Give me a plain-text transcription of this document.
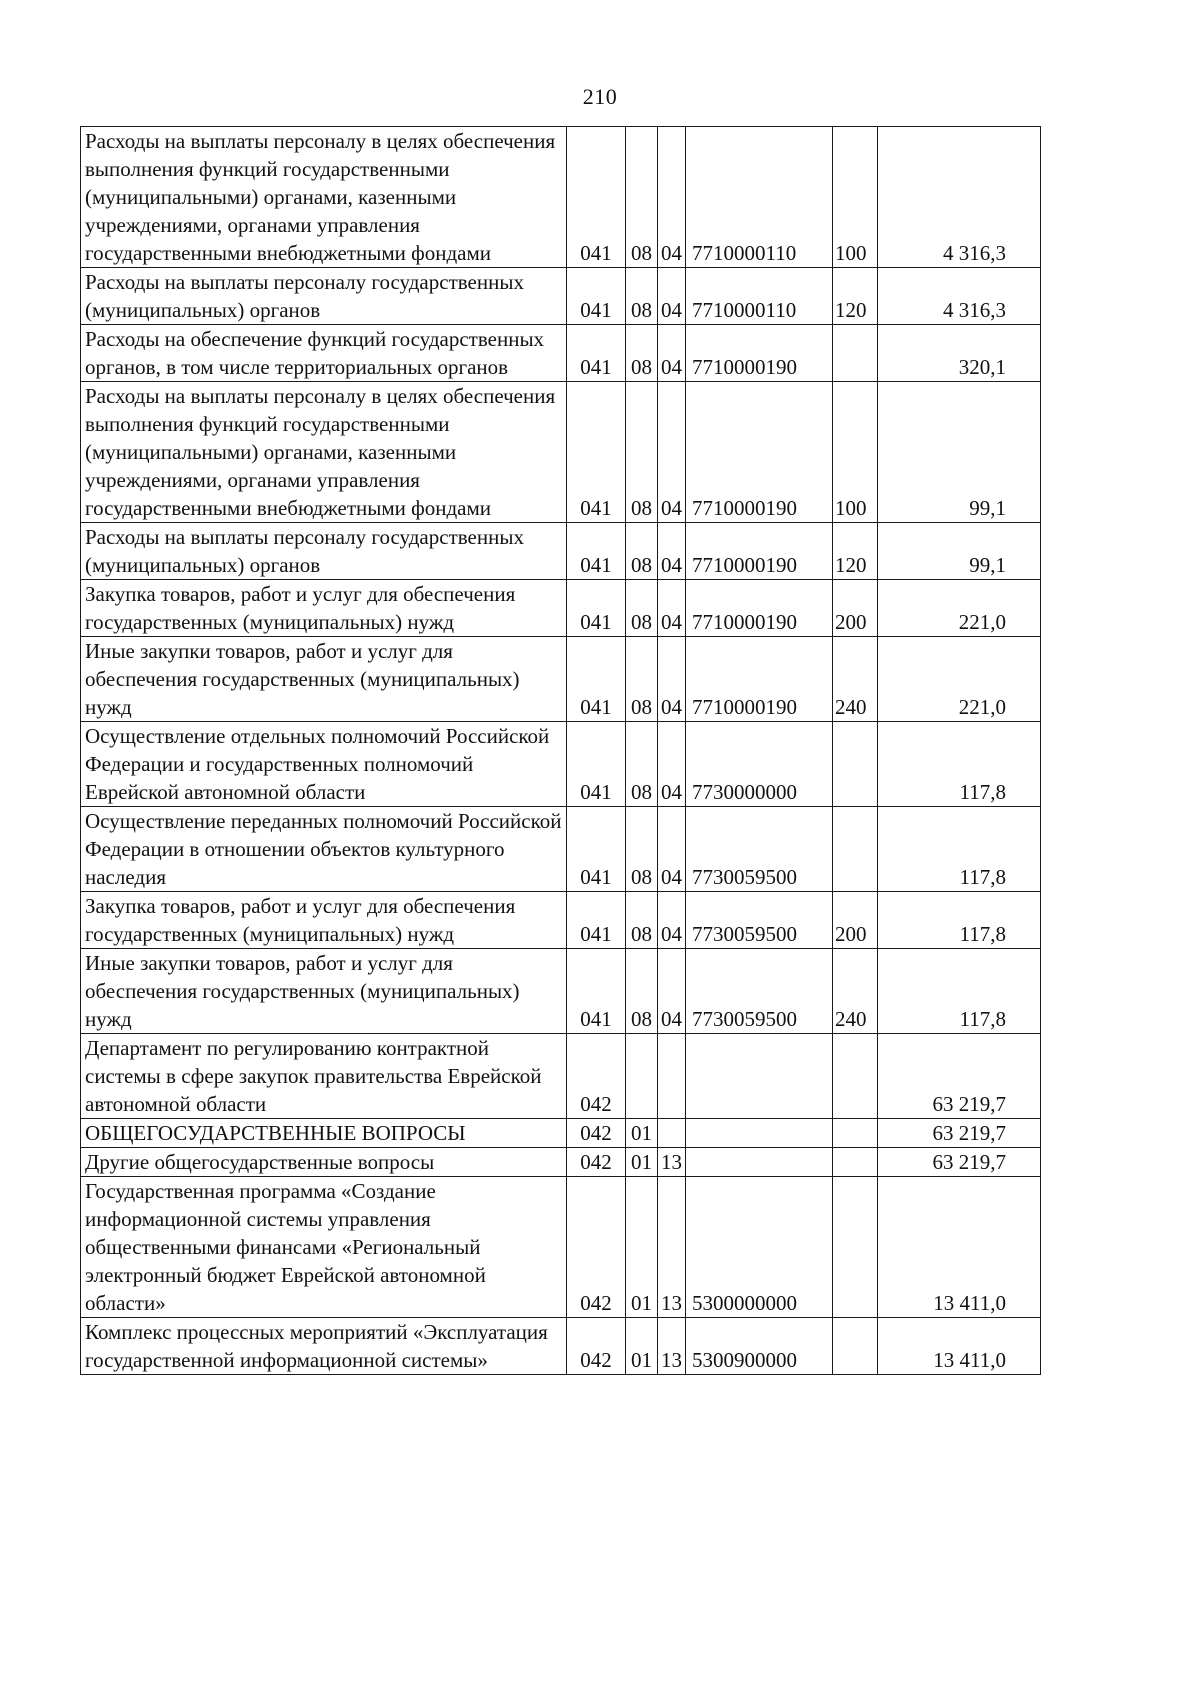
210
Расходы на выплаты персоналу в целях обеспечения выполнения функций государственными (муниципальными) органами, казенными учреждениями, органами управления государственными внебюджетными фондами	041	08	04	7710000110	100	4 316,3
Расходы на выплаты персоналу государственных (муниципальных) органов	041	08	04	7710000110	120	4 316,3
Расходы на обеспечение функций государственных органов, в том числе территориальных органов	041	08	04	7710000190		320,1
Расходы на выплаты персоналу в целях обеспечения выполнения функций государственными (муниципальными) органами, казенными учреждениями, органами управления государственными внебюджетными фондами	041	08	04	7710000190	100	99,1
Расходы на выплаты персоналу государственных (муниципальных) органов	041	08	04	7710000190	120	99,1
Закупка товаров, работ и услуг для обеспечения государственных (муниципальных) нужд	041	08	04	7710000190	200	221,0
Иные закупки товаров, работ и услуг для обеспечения государственных (муниципальных) нужд	041	08	04	7710000190	240	221,0
Осуществление отдельных полномочий Российской Федерации и государственных полномочий Еврейской автономной области	041	08	04	7730000000		117,8
Осуществление переданных полномочий Российской Федерации в отношении объектов культурного наследия	041	08	04	7730059500		117,8
Закупка товаров, работ и услуг для обеспечения государственных (муниципальных) нужд	041	08	04	7730059500	200	117,8
Иные закупки товаров, работ и услуг для обеспечения государственных (муниципальных) нужд	041	08	04	7730059500	240	117,8
Департамент по регулированию контрактной системы в сфере закупок правительства Еврейской автономной области	042					63 219,7
ОБЩЕГОСУДАРСТВЕННЫЕ ВОПРОСЫ	042	01				63 219,7
Другие общегосударственные вопросы	042	01	13			63 219,7
Государственная программа «Создание информационной системы управления общественными финансами «Региональный электронный бюджет Еврейской автономной области»	042	01	13	5300000000		13 411,0
Комплекс процессных мероприятий «Эксплуатация государственной информационной системы»	042	01	13	5300900000		13 411,0
